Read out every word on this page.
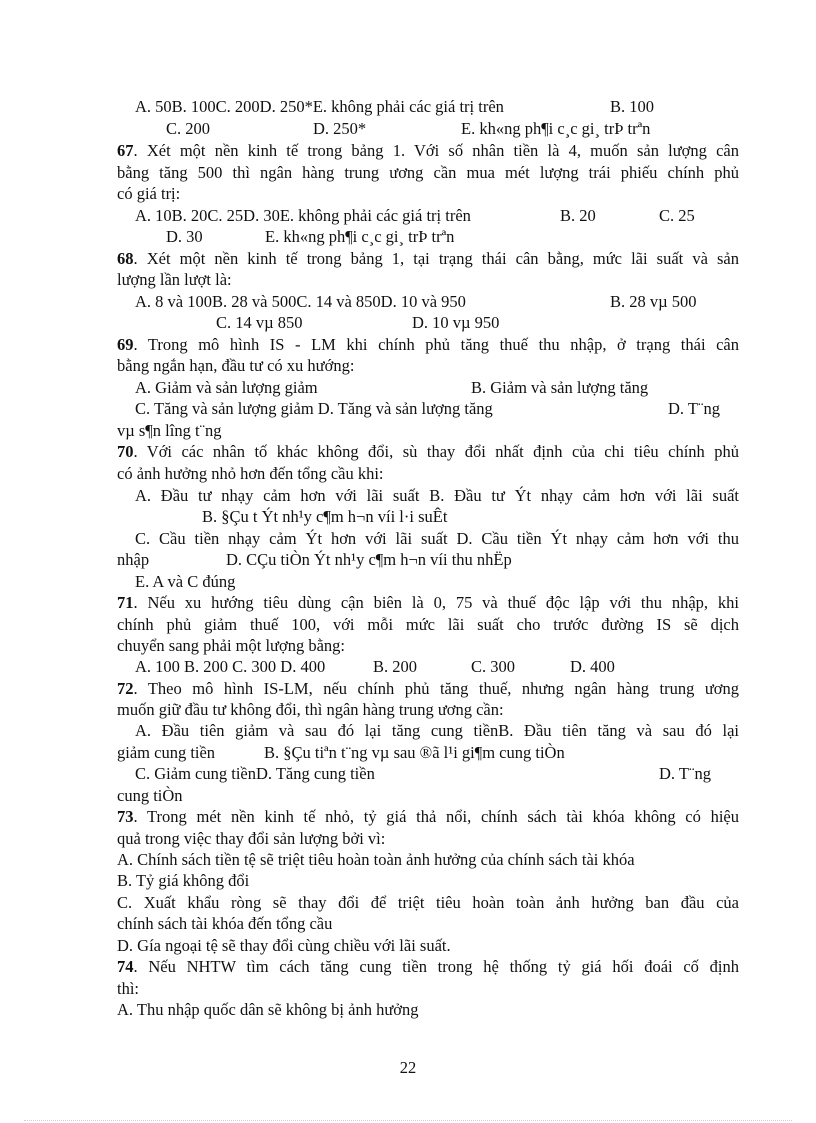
A. 50B. 100C. 200D. 250*E. không phải các giá trị trên	B. 100
C. 200	D. 250*	E. kh«ng ph¶i c¸c gi¸ trÞ trªn
67. Xét một nền kinh tế trong bảng 1. Với số nhân tiền là 4, muốn sản lượng cân
bằng tăng 500 thì ngân hàng trung ương cần mua mét lượng trái phiếu chính phủ
có giá trị:
A. 10B. 20C. 25D. 30E. không phải các giá trị trên	B. 20	C. 25
D. 30	E. kh«ng ph¶i c¸c gi¸ trÞ trªn
68. Xét một nền kinh tế trong bảng 1, tại trạng thái cân bằng, mức lãi suất và sản
lượng lần lượt là:
A. 8 và 100B. 28 và 500C. 14 và 850D. 10 và 950	B. 28 vµ 500
C. 14 vµ 850	D. 10 vµ 950
69. Trong mô hình IS - LM khi chính phủ tăng thuế thu nhập, ở trạng thái cân
bằng ngắn hạn, đầu tư có xu hướng:
A. Giảm và sản lượng giảm	B. Giảm và sản lượng tăng
C. Tăng và sản lượng giảm D. Tăng và sản lượng tăng	D. T¨ng
vµ s¶n lîng t¨ng
70. Với các nhân tố khác không đổi, sù thay đổi nhất định của chi tiêu chính phủ
có ảnh hưởng nhỏ hơn đến tổng cầu khi:
A. Đầu tư nhạy cảm hơn với lãi suất B. Đầu tư Ýt nhạy cảm hơn với lãi suất
B. §Çu t Ýt nh¹y c¶m h¬n víi l·i suÊt
C. Cầu tiền nhạy cảm Ýt hơn với lãi suất D. Cầu tiền Ýt nhạy cảm hơn với thu
nhập	D. CÇu tiÒn Ýt nh¹y c¶m h¬n víi thu nhËp
E. A và C đúng
71. Nếu xu hướng tiêu dùng cận biên là 0, 75 và thuế độc lập với thu nhập, khi
chính phủ giảm thuế 100, với mỗi mức lãi suất cho trước đường IS sẽ dịch
chuyển sang phải một lượng bằng:
A. 100 B. 200 C. 300 D. 400	B. 200	C. 300	D. 400
72. Theo mô hình IS-LM, nếu chính phủ tăng thuế, nhưng ngân hàng trung ương
muốn giữ đầu tư không đổi, thì ngân hàng trung ương cần:
A. Đầu tiên giảm và sau đó lại tăng cung tiềnB. Đầu tiên tăng và sau đó lại
giảm cung tiền	B. §Çu tiªn t¨ng vµ sau ®ã l¹i gi¶m cung tiÒn
C. Giảm cung tiềnD. Tăng cung tiền	D. T¨ng
cung tiÒn
73. Trong mét nền kinh tế nhỏ, tỷ giá thả nổi, chính sách tài khóa không có hiệu
quả trong việc thay đổi sản lượng bởi vì:
A. Chính sách tiền tệ sẽ triệt tiêu hoàn toàn ảnh hưởng của chính sách tài khóa
B. Tỷ giá không đổi
C. Xuất khẩu ròng sẽ thay đổi để triệt tiêu hoàn toàn ảnh hưởng ban đầu của
chính sách tài khóa đến tổng cầu
D. Gía ngoại tệ sẽ thay đổi cùng chiều với lãi suất.
74. Nếu NHTW tìm cách tăng cung tiền trong hệ thống tỷ giá hối đoái cố định
thì:
A. Thu nhập quốc dân sẽ không bị ảnh hưởng
22
